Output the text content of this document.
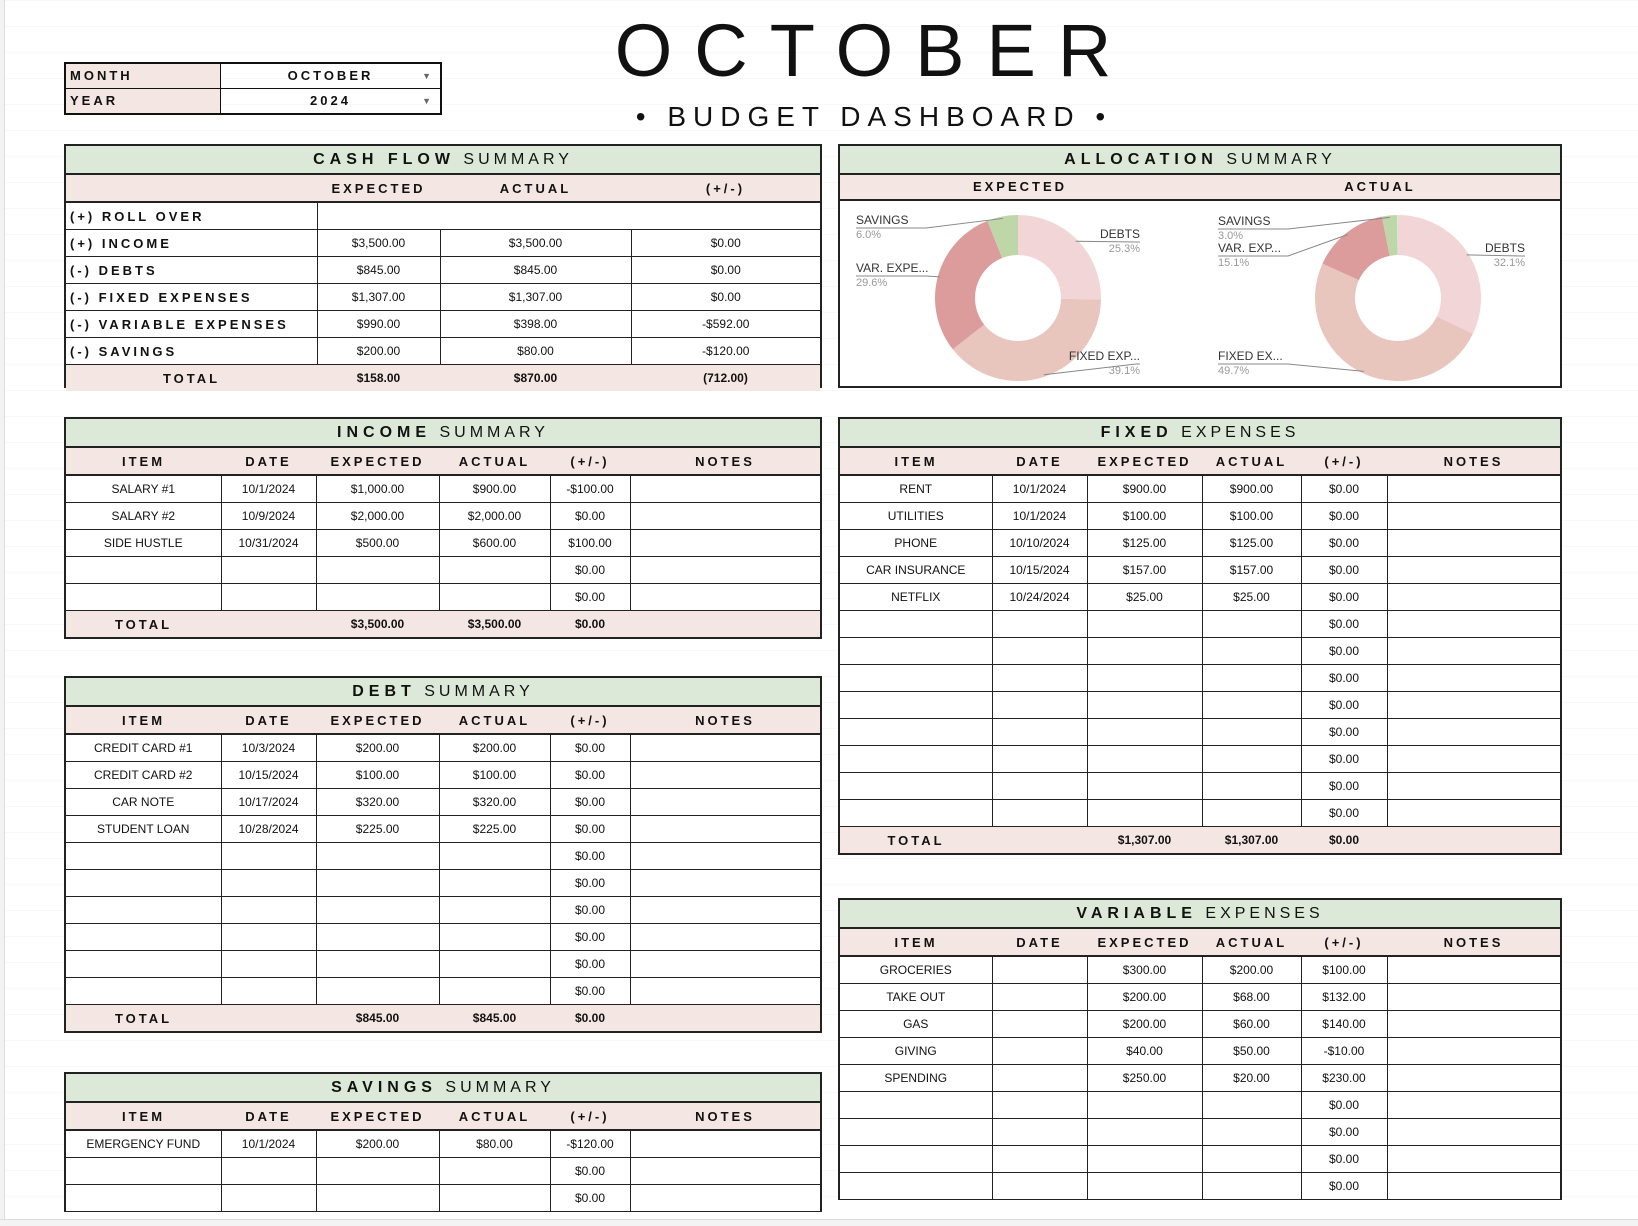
OCTOBER
• BUDGET DASHBOARD •
MONTH	OCTOBER	▼
YEAR	2024	▼
CASH FLOW SUMMARY
	EXPECTED	ACTUAL	(+/-)
(+) ROLL OVER			
(+) INCOME	$3,500.00	$3,500.00	$0.00
(-) DEBTS	$845.00	$845.00	$0.00
(-) FIXED EXPENSES	$1,307.00	$1,307.00	$0.00
(-) VARIABLE EXPENSES	$990.00	$398.00	-$592.00
(-) SAVINGS	$200.00	$80.00	-$120.00
TOTAL	$158.00	$870.00	(712.00)
ALLOCATION SUMMARY
EXPECTED	ACTUAL
DEBTS
25.3%
FIXED EXP...
39.1%
VAR. EXPE...
29.6%
SAVINGS
6.0%
DEBTS
32.1%
FIXED EX...
49.7%
VAR. EXP...
15.1%
SAVINGS
3.0%
INCOME SUMMARY
ITEM	DATE	EXPECTED	ACTUAL	(+/-)	NOTES
SALARY #1	10/1/2024	$1,000.00	$900.00	-$100.00	
SALARY #2	10/9/2024	$2,000.00	$2,000.00	$0.00	
SIDE HUSTLE	10/31/2024	$500.00	$600.00	$100.00	
				$0.00	
				$0.00	
TOTAL		$3,500.00	$3,500.00	$0.00	
DEBT SUMMARY
ITEM	DATE	EXPECTED	ACTUAL	(+/-)	NOTES
CREDIT CARD #1	10/3/2024	$200.00	$200.00	$0.00	
CREDIT CARD #2	10/15/2024	$100.00	$100.00	$0.00	
CAR NOTE	10/17/2024	$320.00	$320.00	$0.00	
STUDENT LOAN	10/28/2024	$225.00	$225.00	$0.00	
				$0.00	
				$0.00	
				$0.00	
				$0.00	
				$0.00	
				$0.00	
TOTAL		$845.00	$845.00	$0.00	
SAVINGS SUMMARY
ITEM	DATE	EXPECTED	ACTUAL	(+/-)	NOTES
EMERGENCY FUND	10/1/2024	$200.00	$80.00	-$120.00	
				$0.00	
				$0.00	
FIXED EXPENSES
ITEM	DATE	EXPECTED	ACTUAL	(+/-)	NOTES
RENT	10/1/2024	$900.00	$900.00	$0.00	
UTILITIES	10/1/2024	$100.00	$100.00	$0.00	
PHONE	10/10/2024	$125.00	$125.00	$0.00	
CAR INSURANCE	10/15/2024	$157.00	$157.00	$0.00	
NETFLIX	10/24/2024	$25.00	$25.00	$0.00	
				$0.00	
				$0.00	
				$0.00	
				$0.00	
				$0.00	
				$0.00	
				$0.00	
				$0.00	
TOTAL		$1,307.00	$1,307.00	$0.00	
VARIABLE EXPENSES
ITEM	DATE	EXPECTED	ACTUAL	(+/-)	NOTES
GROCERIES		$300.00	$200.00	$100.00	
TAKE OUT		$200.00	$68.00	$132.00	
GAS		$200.00	$60.00	$140.00	
GIVING		$40.00	$50.00	-$10.00	
SPENDING		$250.00	$20.00	$230.00	
				$0.00	
				$0.00	
				$0.00	
				$0.00	
